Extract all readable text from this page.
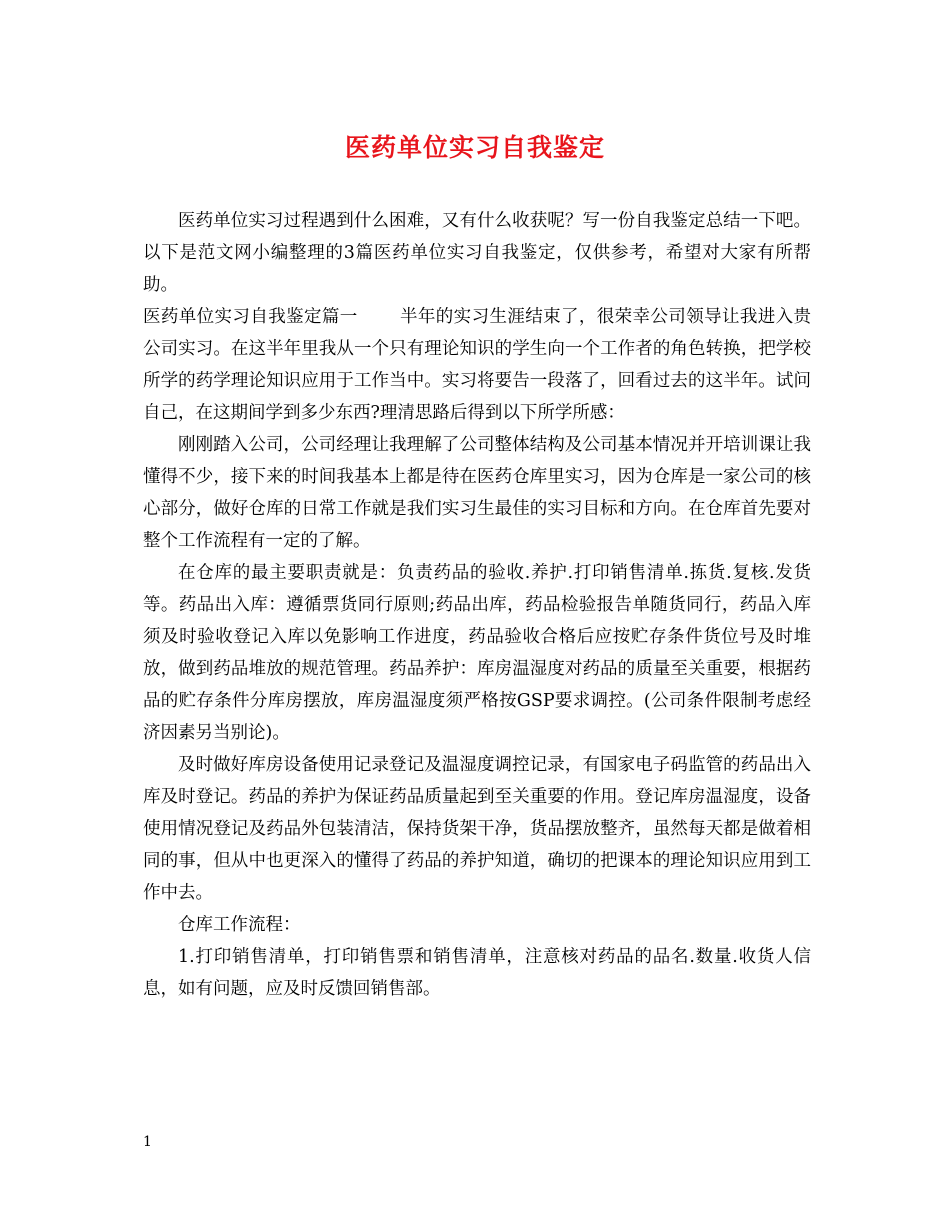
医药单位实习自我鉴定

医药单位实习过程遇到什么困难，又有什么收获呢？写一份自我鉴定总结一下吧。以下是范文网小编整理的3篇医药单位实习自我鉴定，仅供参考，希望对大家有所帮助。

医药单位实习自我鉴定篇一 半年的实习生涯结束了，很荣幸公司领导让我进入贵公司实习。在这半年里我从一个只有理论知识的学生向一个工作者的角色转换，把学校所学的药学理论知识应用于工作当中。实习将要告一段落了，回看过去的这半年。试问自己，在这期间学到多少东西?理清思路后得到以下所学所感：

刚刚踏入公司，公司经理让我理解了公司整体结构及公司基本情况并开培训课让我懂得不少，接下来的时间我基本上都是待在医药仓库里实习，因为仓库是一家公司的核心部分，做好仓库的日常工作就是我们实习生最佳的实习目标和方向。在仓库首先要对整个工作流程有一定的了解。

在仓库的最主要职责就是：负责药品的验收.养护.打印销售清单.拣货.复核.发货等。药品出入库：遵循票货同行原则;药品出库，药品检验报告单随货同行，药品入库须及时验收登记入库以免影响工作进度，药品验收合格后应按贮存条件货位号及时堆放，做到药品堆放的规范管理。药品养护：库房温湿度对药品的质量至关重要，根据药品的贮存条件分库房摆放，库房温湿度须严格按GSP要求调控。(公司条件限制考虑经济因素另当别论)。

及时做好库房设备使用记录登记及温湿度调控记录，有国家电子码监管的药品出入库及时登记。药品的养护为保证药品质量起到至关重要的作用。登记库房温湿度，设备使用情况登记及药品外包装清洁，保持货架干净，货品摆放整齐，虽然每天都是做着相同的事，但从中也更深入的懂得了药品的养护知道，确切的把课本的理论知识应用到工作中去。

仓库工作流程：

1.打印销售清单，打印销售票和销售清单，注意核对药品的品名.数量.收货人信息，如有问题，应及时反馈回销售部。

1
